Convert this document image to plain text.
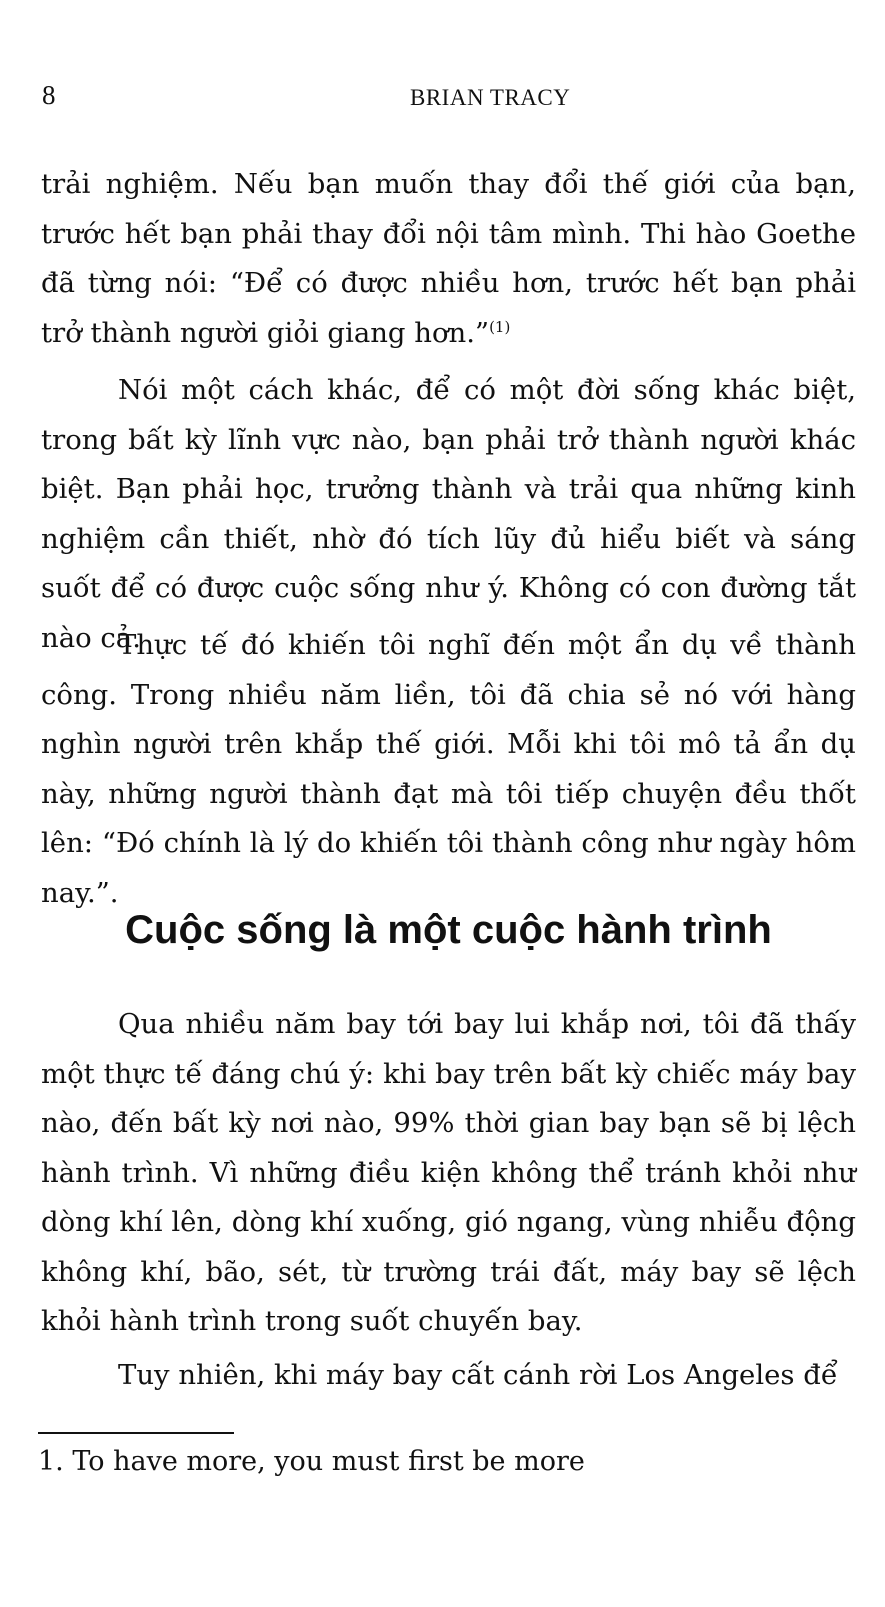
8	BRIAN TRACY

trải nghiệm. Nếu bạn muốn thay đổi thế giới của bạn, trước hết bạn phải thay đổi nội tâm mình. Thi hào Goethe đã từng nói: “Để có được nhiều hơn, trước hết bạn phải trở thành người giỏi giang hơn.”$^{(1)}$

Nói một cách khác, để có một đời sống khác biệt, trong bất kỳ lĩnh vực nào, bạn phải trở thành người khác biệt. Bạn phải học, trưởng thành và trải qua những kinh nghiệm cần thiết, nhờ đó tích lũy đủ hiểu biết và sáng suốt để có được cuộc sống như ý. Không có con đường tắt nào cả.

Thực tế đó khiến tôi nghĩ đến một ẩn dụ về thành công. Trong nhiều năm liền, tôi đã chia sẻ nó với hàng nghìn người trên khắp thế giới. Mỗi khi tôi mô tả ẩn dụ này, những người thành đạt mà tôi tiếp chuyện đều thốt lên: “Đó chính là lý do khiến tôi thành công như ngày hôm nay.”.

Cuộc sống là một cuộc hành trình

Qua nhiều năm bay tới bay lui khắp nơi, tôi đã thấy một thực tế đáng chú ý: khi bay trên bất kỳ chiếc máy bay nào, đến bất kỳ nơi nào, 99% thời gian bay bạn sẽ bị lệch hành trình. Vì những điều kiện không thể tránh khỏi như dòng khí lên, dòng khí xuống, gió ngang, vùng nhiễu động không khí, bão, sét, từ trường trái đất, máy bay sẽ lệch khỏi hành trình trong suốt chuyến bay.

Tuy nhiên, khi máy bay cất cánh rời Los Angeles để

1. To have more, you must first be more
